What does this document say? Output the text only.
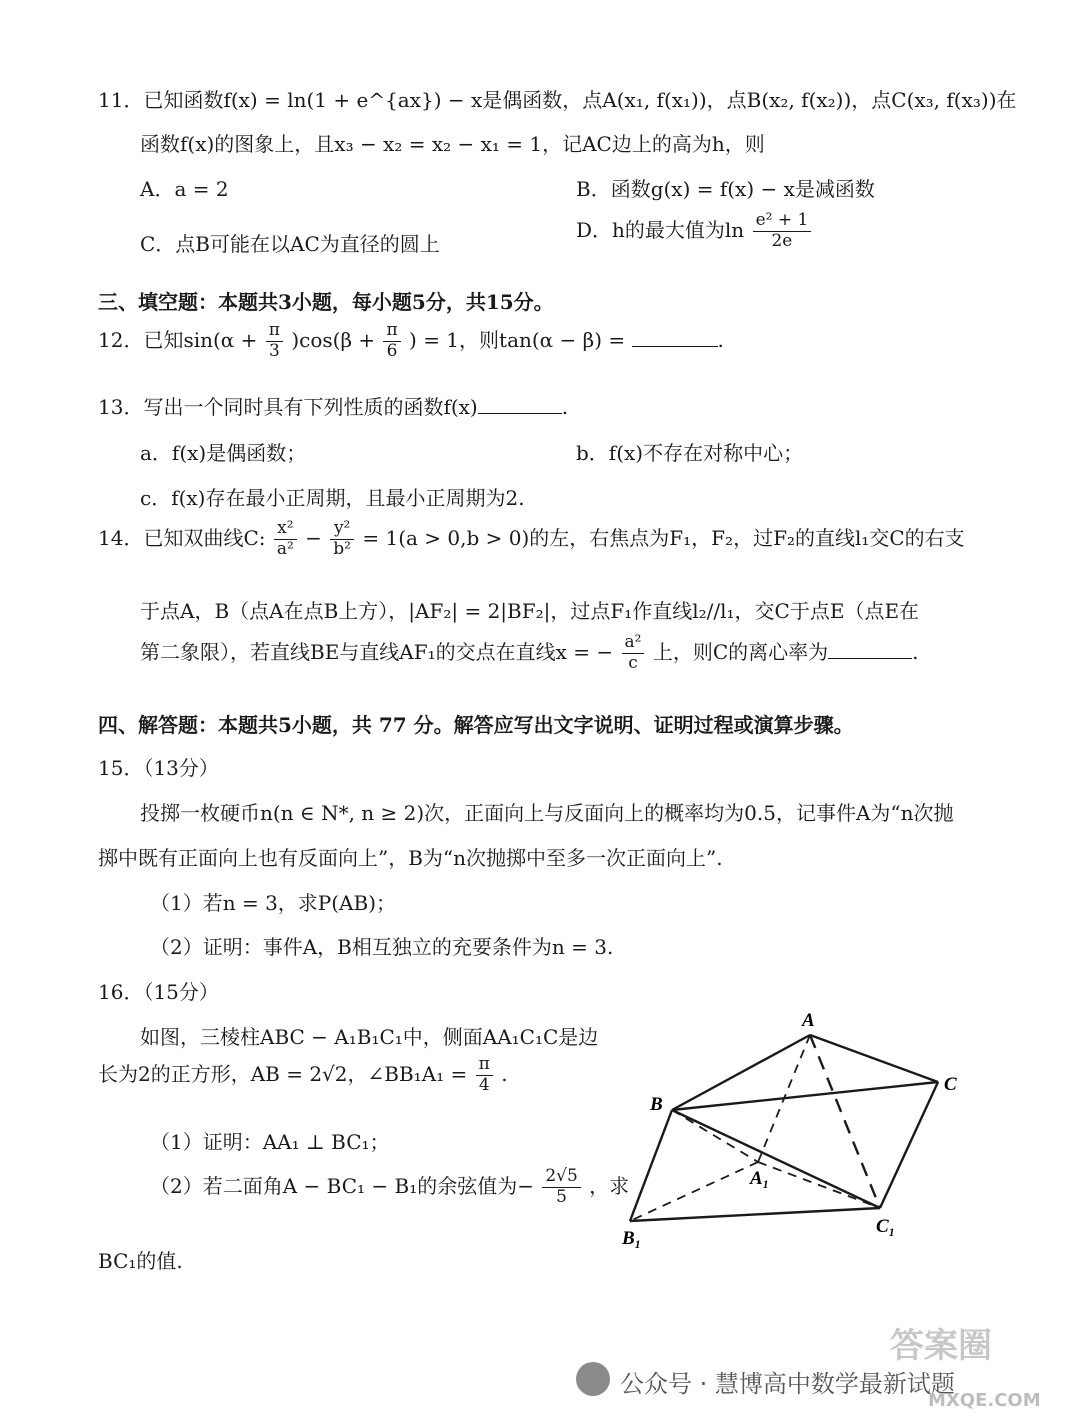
11．已知函数f(x) = ln(1 + e^{ax}) − x是偶函数，点A(x₁, f(x₁))，点B(x₂, f(x₂))，点C(x₃, f(x₃))在
函数f(x)的图象上，且x₃ − x₂ = x₂ − x₁ = 1，记AC边上的高为h，则
A．a = 2	B．函数g(x) = f(x) − x是减函数
C．点B可能在以AC为直径的圆上
D．h的最大值为$\ln \frac{\text{e² + 1}}{2e}$
三、填空题：本题共3小题，每小题5分，共15分。
12．已知$\sin(\alpha + \frac{\pi}{3} )\cos(\beta + \frac{\pi}{6}$ ) = 1，则tan(α − β) =	.
13．写出一个同时具有下列性质的函数f(x)	.
a．f(x)是偶函数；	b．f(x)不存在对称中心；
c．f(x)存在最小正周期，且最小正周期为2.
14．已知双曲线C: $\frac{\text{x²}}{\text{a²}} - \frac{\text{y²}}{\text{b²}} = 1(a > 0,b > 0)$的左，右焦点为F₁，F₂，过F₂的直线l₁交C的右支
于点A，B（点A在点B上方），|AF₂| = 2|BF₂|，过点F₁作直线l₂//l₁，交C于点E（点E在
第二象限），若直线BE与直线AF₁的交点在直线x = − $\frac{\text{a²}}{c}$ 上，则C的离心率为	.
四、解答题：本题共5小题，共 77 分。解答应写出文字说明、证明过程或演算步骤。
15．（13分）
投掷一枚硬币n(n ∈ N*, n ≥ 2)次，正面向上与反面向上的概率均为0.5，记事件A为“n次抛
掷中既有正面向上也有反面向上”，B为“n次抛掷中至多一次正面向上”.
（1）若n = 3，求P(AB)；
（2）证明：事件A，B相互独立的充要条件为n = 3.
16．（15分）
如图，三棱柱ABC − A₁B₁C₁中，侧面AA₁C₁C是边
长为2的正方形，AB = 2√2，∠BB₁A₁ = $\frac{\pi}{4}$ .
（1）证明：AA₁ ⊥ BC₁；
（2）若二面角A − BC₁ − B₁的余弦值为− $\frac{2√5}{5}$ ，求
BC₁的值.
A
B
C
A₁
B₁
C₁
公众号 · 慧博高中数学最新试题
答案圈
MXQE.COM
